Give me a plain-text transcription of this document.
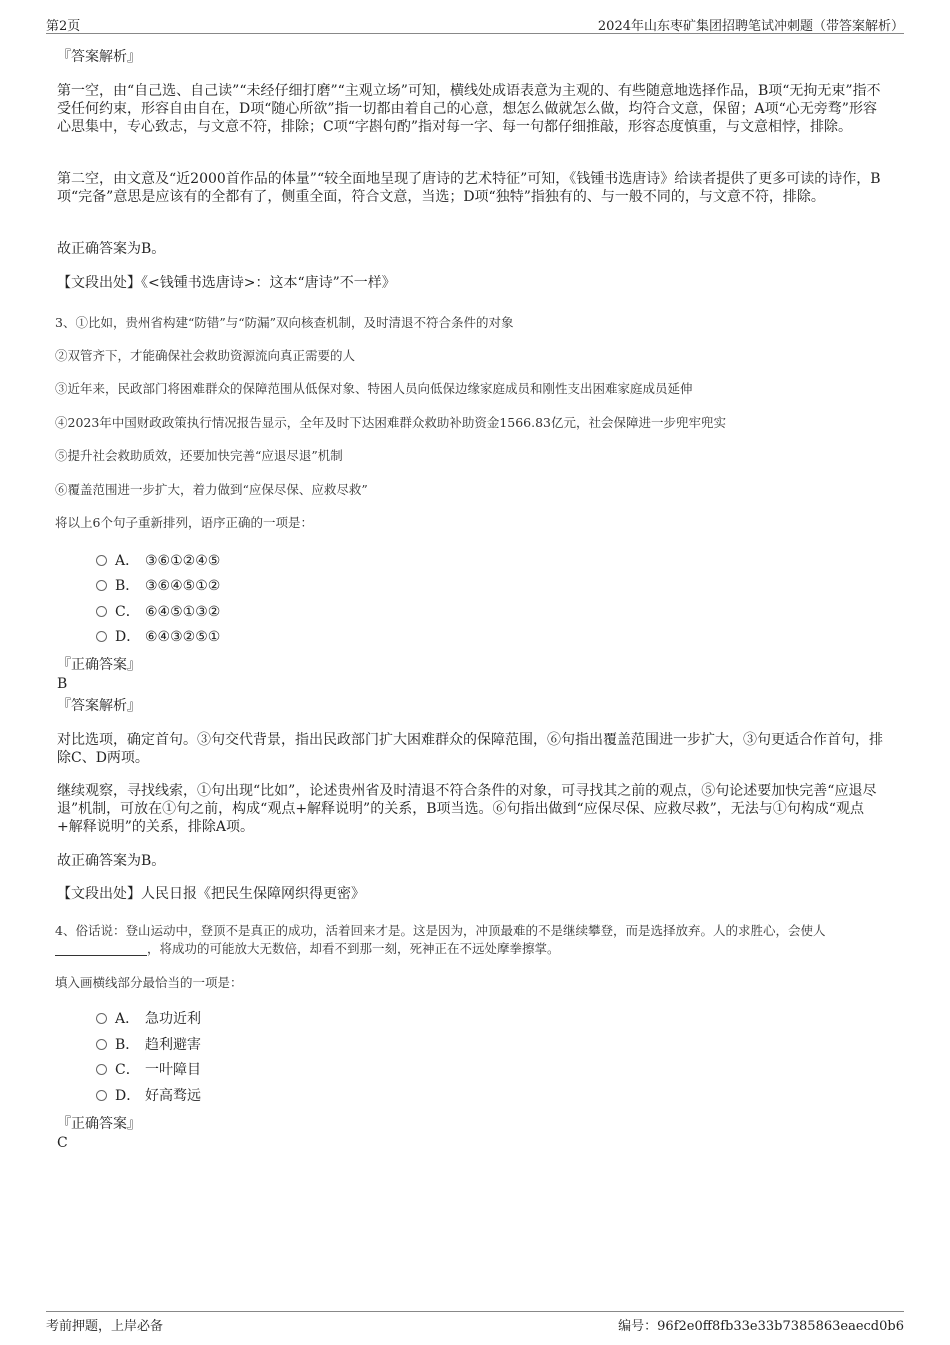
第2页	2024年山东枣矿集团招聘笔试冲刺题（带答案解析）
『答案解析』
第一空，由“自己选、自己读”“未经仔细打磨”“主观立场”可知，横线处成语表意为主观的、有些随意地选择作品，B项“无拘无束”指不受任何约束，形容自由自在，D项“随心所欲”指一切都由着自己的心意，想怎么做就怎么做，均符合文意，保留；A项“心无旁骛”形容心思集中，专心致志，与文意不符，排除；C项“字斟句酌”指对每一字、每一句都仔细推敲，形容态度慎重，与文意相悖，排除。
第二空，由文意及“近2000首作品的体量”“较全面地呈现了唐诗的艺术特征”可知，《钱锺书选唐诗》给读者提供了更多可读的诗作，B项“完备”意思是应该有的全都有了，侧重全面，符合文意，当选；D项“独特”指独有的、与一般不同的，与文意不符，排除。
故正确答案为B。
【文段出处】《<钱锺书选唐诗>：这本“唐诗”不一样》
3、①比如，贵州省构建“防错”与“防漏”双向核查机制，及时清退不符合条件的对象
②双管齐下，才能确保社会救助资源流向真正需要的人
③近年来，民政部门将困难群众的保障范围从低保对象、特困人员向低保边缘家庭成员和刚性支出困难家庭成员延伸
④2023年中国财政政策执行情况报告显示，全年及时下达困难群众救助补助资金1566.83亿元，社会保障进一步兜牢兜实
⑤提升社会救助质效，还要加快完善“应退尽退”机制
⑥覆盖范围进一步扩大，着力做到“应保尽保、应救尽救”
将以上6个句子重新排列，语序正确的一项是：
A． ③⑥①②④⑤
B． ③⑥④⑤①②
C． ⑥④⑤①③②
D． ⑥④③②⑤①
『正确答案』
B
『答案解析』
对比选项，确定首句。③句交代背景，指出民政部门扩大困难群众的保障范围，⑥句指出覆盖范围进一步扩大，③句更适合作首句，排除C、D两项。
继续观察，寻找线索，①句出现“比如”，论述贵州省及时清退不符合条件的对象，可寻找其之前的观点，⑤句论述要加快完善“应退尽退”机制，可放在①句之前，构成“观点+解释说明”的关系，B项当选。⑥句指出做到“应保尽保、应救尽救”，无法与①句构成“观点+解释说明”的关系，排除A项。
故正确答案为B。
【文段出处】人民日报《把民生保障网织得更密》
4、俗话说：登山运动中，登顶不是真正的成功，活着回来才是。这是因为，冲顶最难的不是继续攀登，而是选择放弃。人的求胜心，会使人
，将成功的可能放大无数倍，却看不到那一刻，死神正在不远处摩拳擦掌。
填入画横线部分最恰当的一项是：
A． 急功近利
B． 趋利避害
C． 一叶障目
D． 好高骛远
『正确答案』
C
考前押题，上岸必备	编号：96f2e0ff8fb33e33b7385863eaecd0b6
